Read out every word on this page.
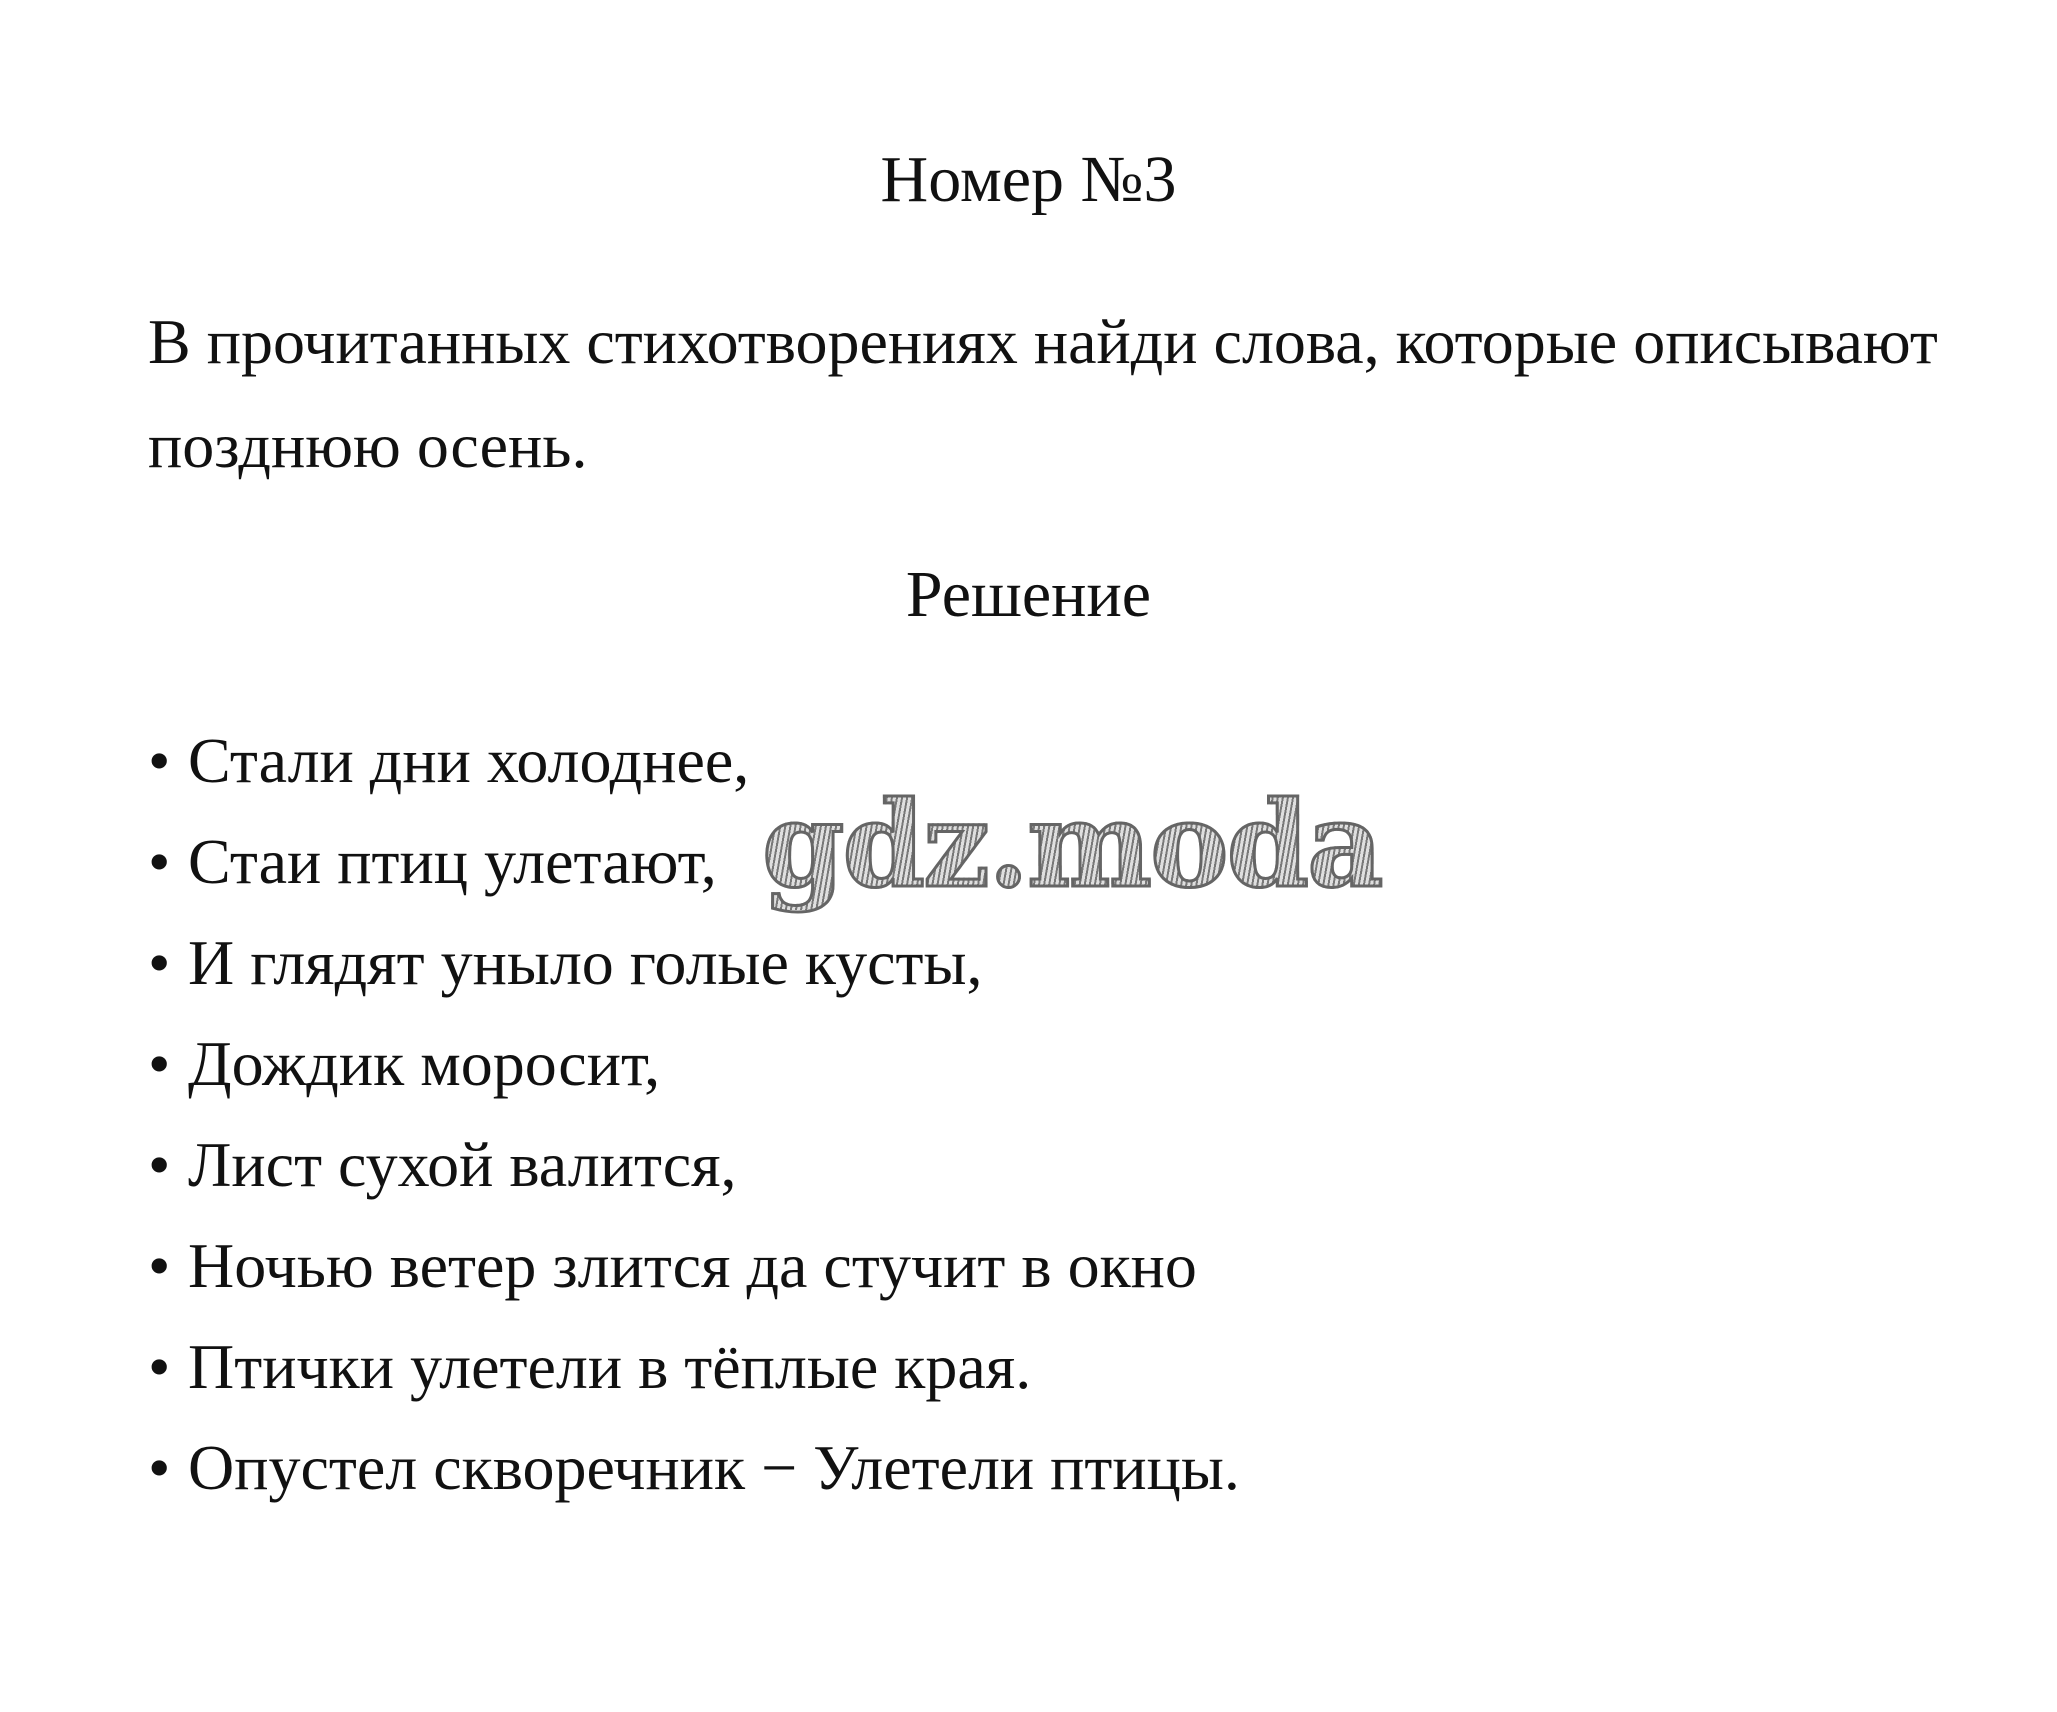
Номер №3
В прочитанных стихотворениях найди слова, которые описывают позднюю осень.
Решение
• Стали дни холоднее,
• Стаи птиц улетают,
• И глядят уныло голые кусты,
• Дождик моросит,
• Лист сухой валится,
• Ночью ветер злится да стучит в окно
• Птички улетели в тёплые края.
• Опустел скворечник − Улетели птицы.
gdz.moda
